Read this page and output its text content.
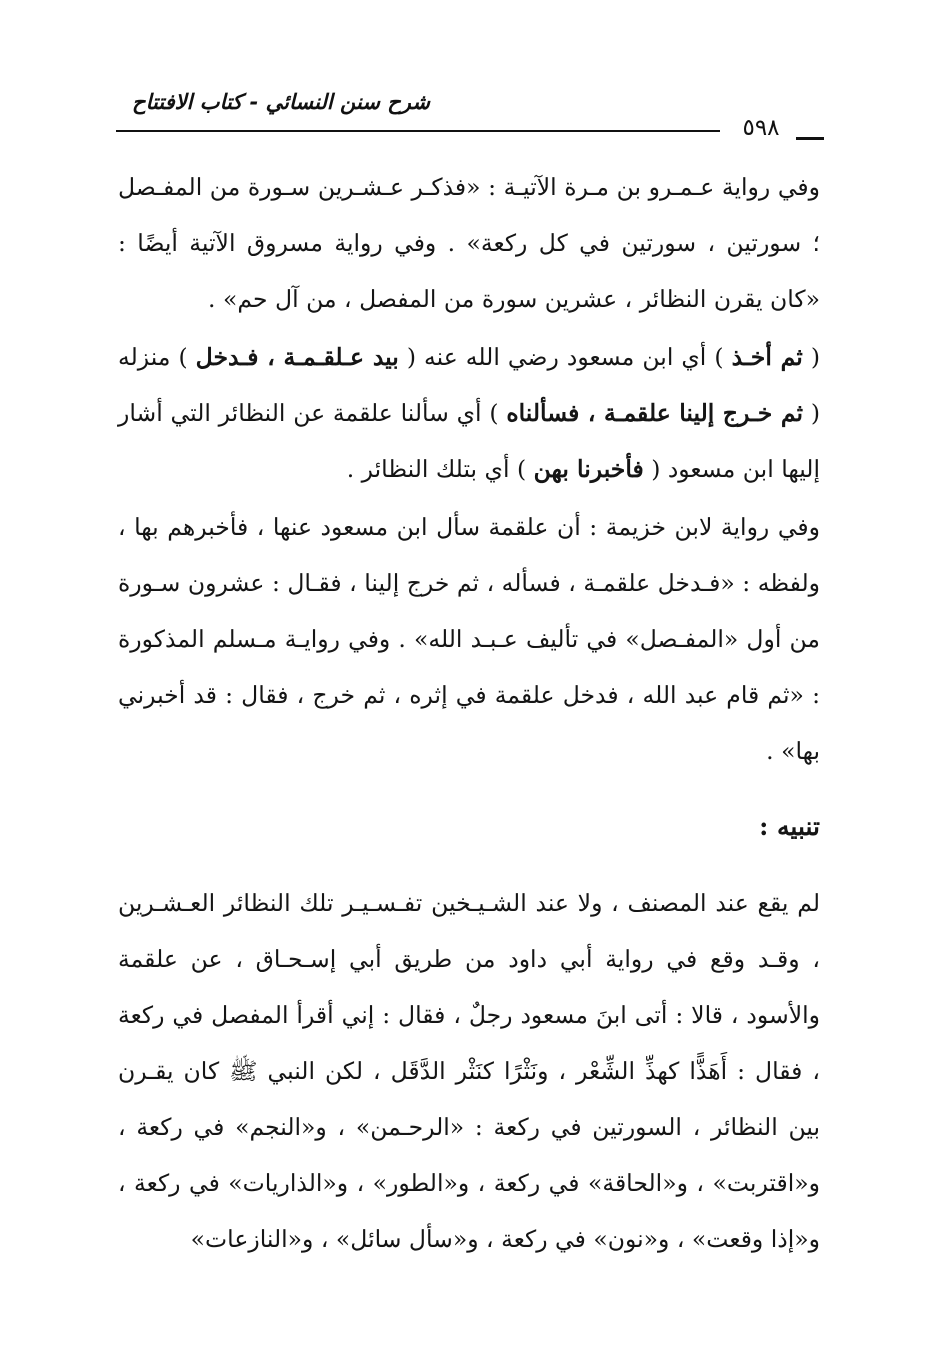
شرح سنن النسائي - كتاب الافتتاح
٥٩٨

وفي رواية عـمـرو بن مـرة الآتيـة : «فذكـر عـشـرين سـورة من المفـصل ؛ سورتين ، سورتين في كل ركعة» . وفي رواية مسروق الآتية أيضًا : «كان يقرن النظائر ، عشرين سورة من المفصل ، من آل حم» .

( ثم أخـذ ) أي ابن مسعود رضي الله عنه ( بيد عـلقـمـة ، فـدخل ) منزله ( ثم خـرج إلينا علقمـة ، فسألناه ) أي سألنا علقمة عن النظائر التي أشار إليها ابن مسعود ( فأخبرنا بهن ) أي بتلك النظائر .

وفي رواية لابن خزيمة : أن علقمة سأل ابن مسعود عنها ، فأخبرهم بها ، ولفظه : «فـدخل علقمـة ، فسأله ، ثم خرج إلينا ، فقـال : عشرون سـورة من أول «المفـصل» في تأليف عـبـد الله» . وفي روايـة مـسلم المذكورة : «ثم قام عبد الله ، فدخل علقمة في إثره ، ثم خرج ، فقال : قد أخبرني بها» .

تنبيه :

لم يقع عند المصنف ، ولا عند الشـيـخين تفـسـيـر تلك النظائر العـشـرين ، وقـد وقع في رواية أبي داود من طريق أبي إسـحـاق ، عن علقمة والأسود ، قالا : أتى ابنَ مسعود رجلٌ ، فقال : إني أقرأ المفصل في ركعة ، فقال : أَهَذًّا كهذِّ الشِّعْر ، ونَثْرًا كنَثْر الدَّقَل ، لكن النبي ﷺ كان يقـرن بين النظائر ، السورتين في ركعة : «الرحـمن» ، و«النجم» في ركعة ، و«اقتربت» ، و«الحاقة» في ركعة ، و«الطور» ، و«الذاريات» في ركعة ، و«إذا وقعت» ، و«نون» في ركعة ، و«سأل سائل» ، و«النازعات»
